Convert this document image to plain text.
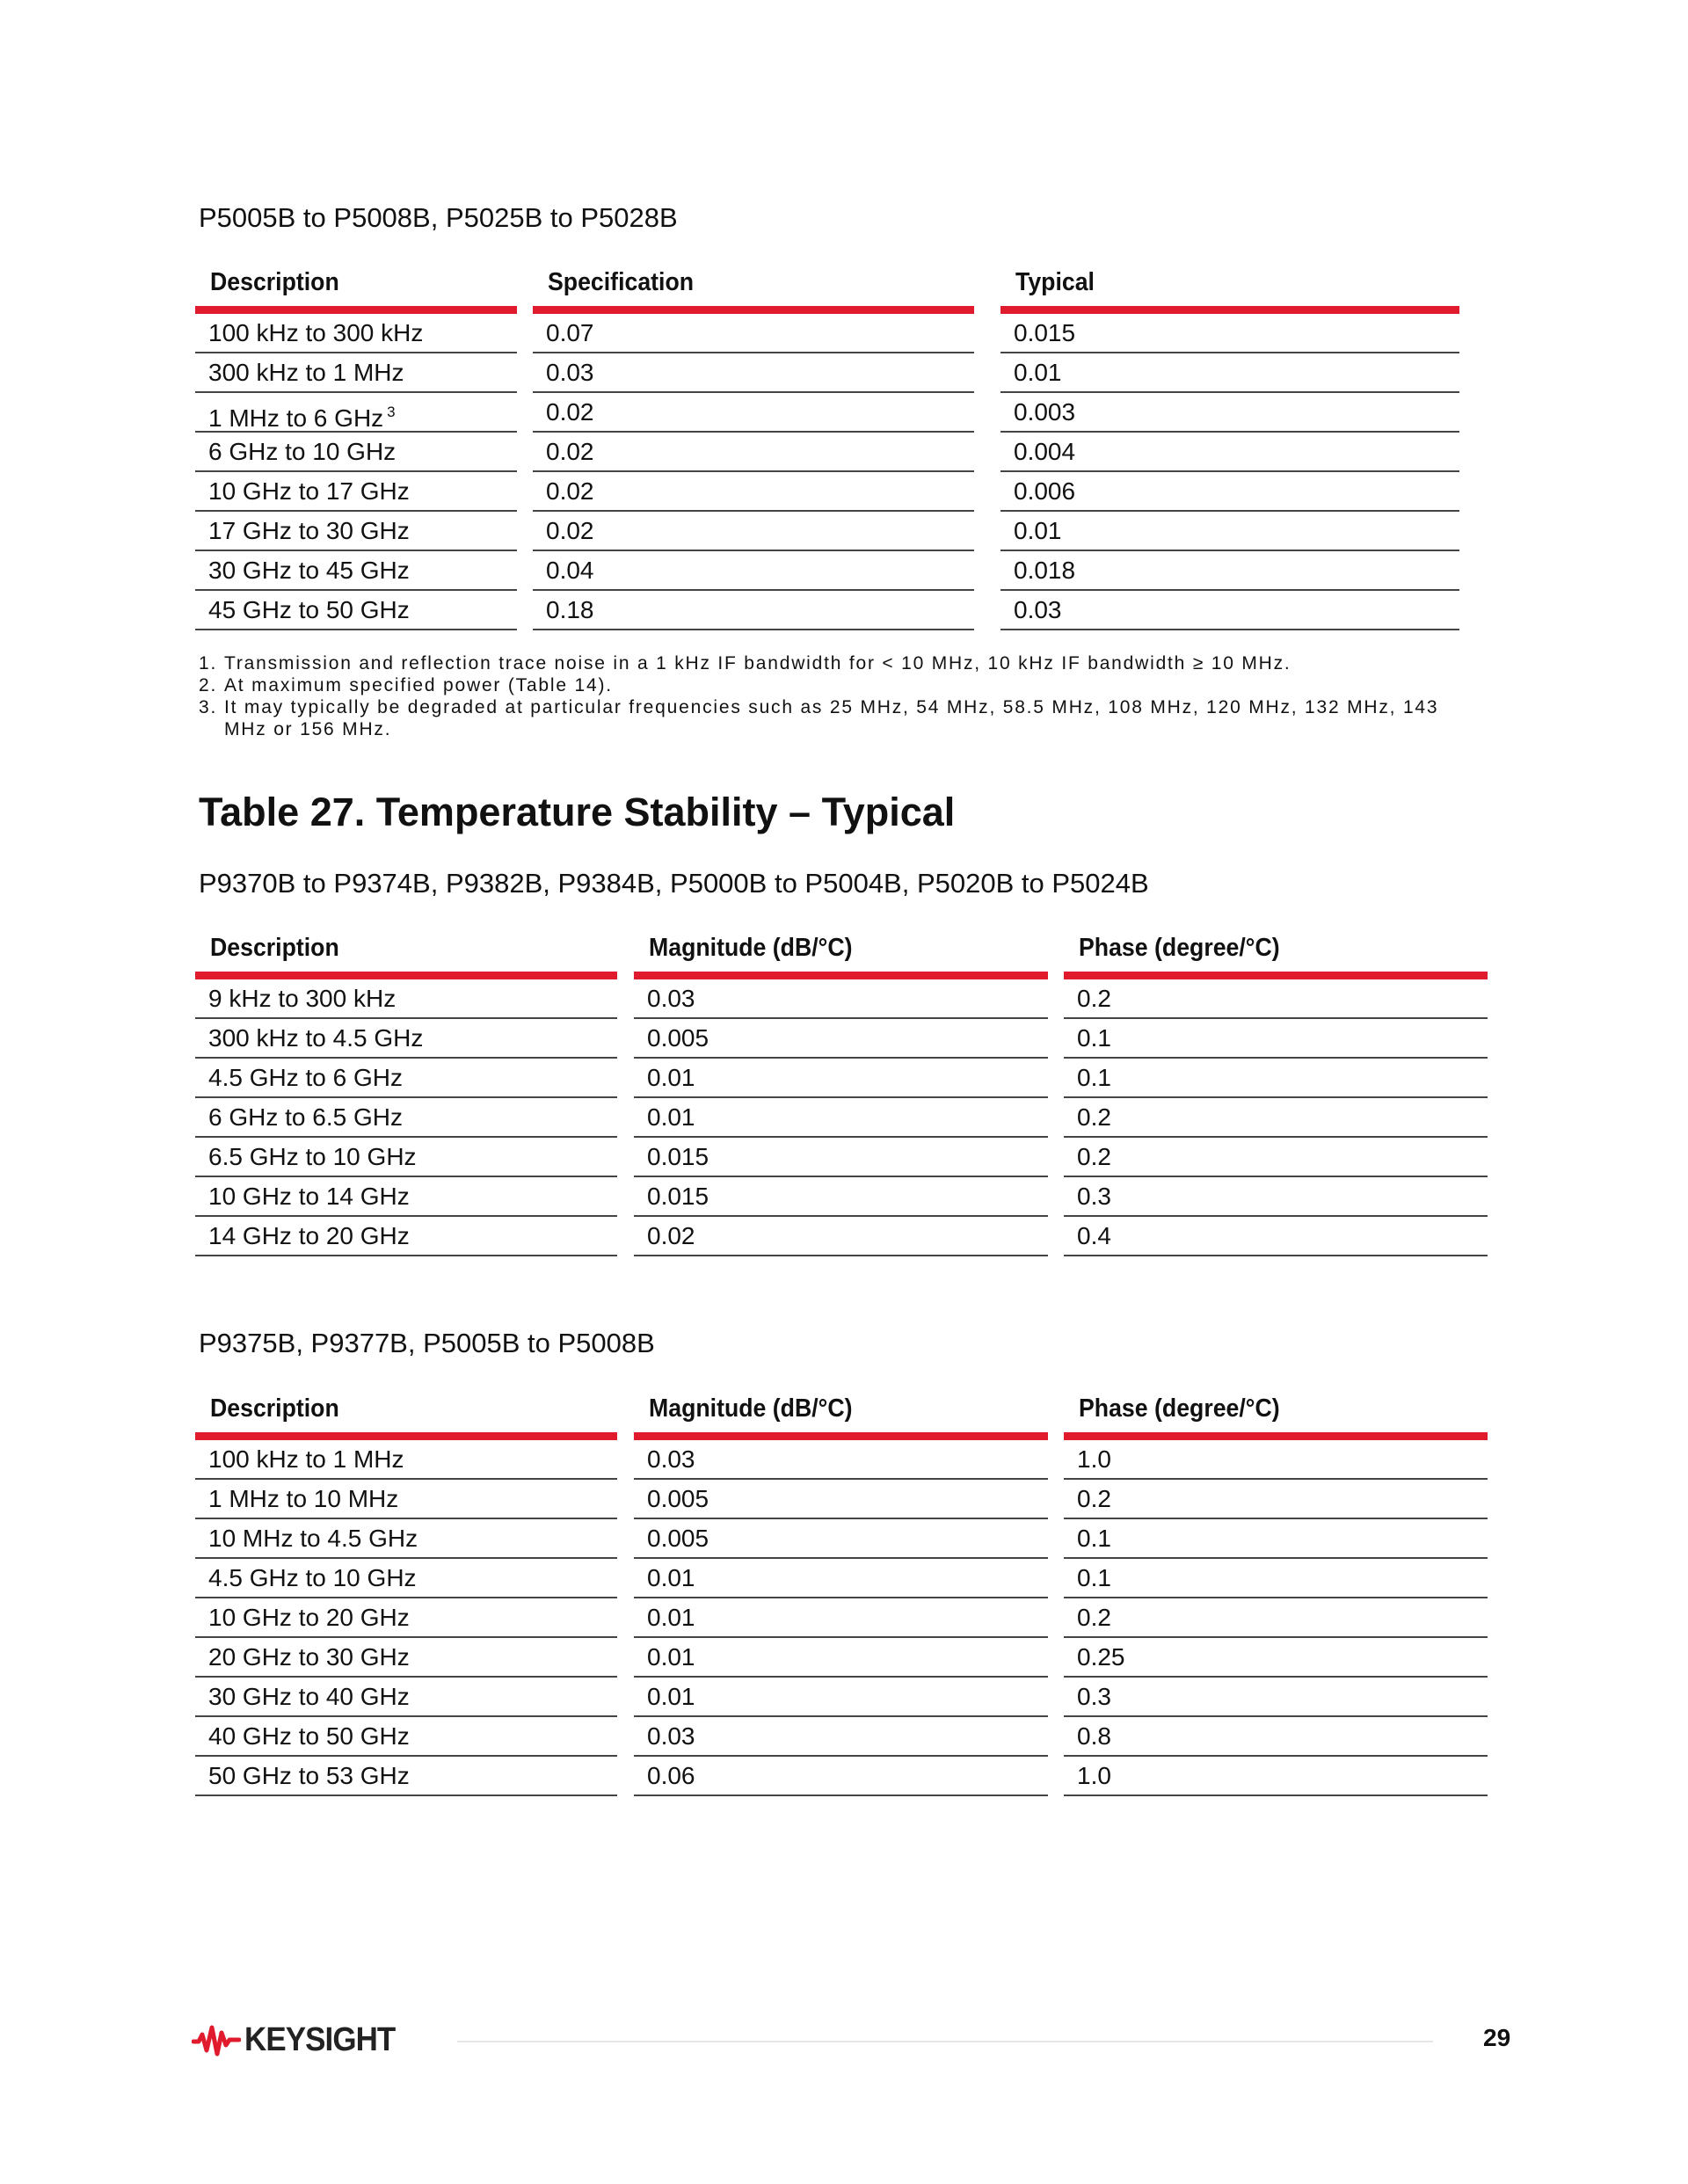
P5005B to P5008B, P5025B to P5028B
Description	Specification	Typical
100 kHz to 300 kHz	0.07	0.015
300 kHz to 1 MHz	0.03	0.01
1 MHz to 6 GHz $^3$	0.02	0.003
6 GHz to 10 GHz	0.02	0.004
10 GHz to 17 GHz	0.02	0.006
17 GHz to 30 GHz	0.02	0.01
30 GHz to 45 GHz	0.04	0.018
45 GHz to 50 GHz	0.18	0.03
1. Transmission and reflection trace noise in a 1 kHz IF bandwidth for < 10 MHz, 10 kHz IF bandwidth ≥ 10 MHz.
2. At maximum specified power (Table 14).
3. It may typically be degraded at particular frequencies such as 25 MHz, 54 MHz, 58.5 MHz, 108 MHz, 120 MHz, 132 MHz, 143 MHz or 156 MHz.
Table 27. Temperature Stability – Typical
P9370B to P9374B, P9382B, P9384B, P5000B to P5004B, P5020B to P5024B
Description	Magnitude (dB/°C)	Phase (degree/°C)
9 kHz to 300 kHz	0.03	0.2
300 kHz to 4.5 GHz	0.005	0.1
4.5 GHz to 6 GHz	0.01	0.1
6 GHz to 6.5 GHz	0.01	0.2
6.5 GHz to 10 GHz	0.015	0.2
10 GHz to 14 GHz	0.015	0.3
14 GHz to 20 GHz	0.02	0.4
P9375B, P9377B, P5005B to P5008B
Description	Magnitude (dB/°C)	Phase (degree/°C)
100 kHz to 1 MHz	0.03	1.0
1 MHz to 10 MHz	0.005	0.2
10 MHz to 4.5 GHz	0.005	0.1
4.5 GHz to 10 GHz	0.01	0.1
10 GHz to 20 GHz	0.01	0.2
20 GHz to 30 GHz	0.01	0.25
30 GHz to 40 GHz	0.01	0.3
40 GHz to 50 GHz	0.03	0.8
50 GHz to 53 GHz	0.06	1.0
KEYSIGHT	29
